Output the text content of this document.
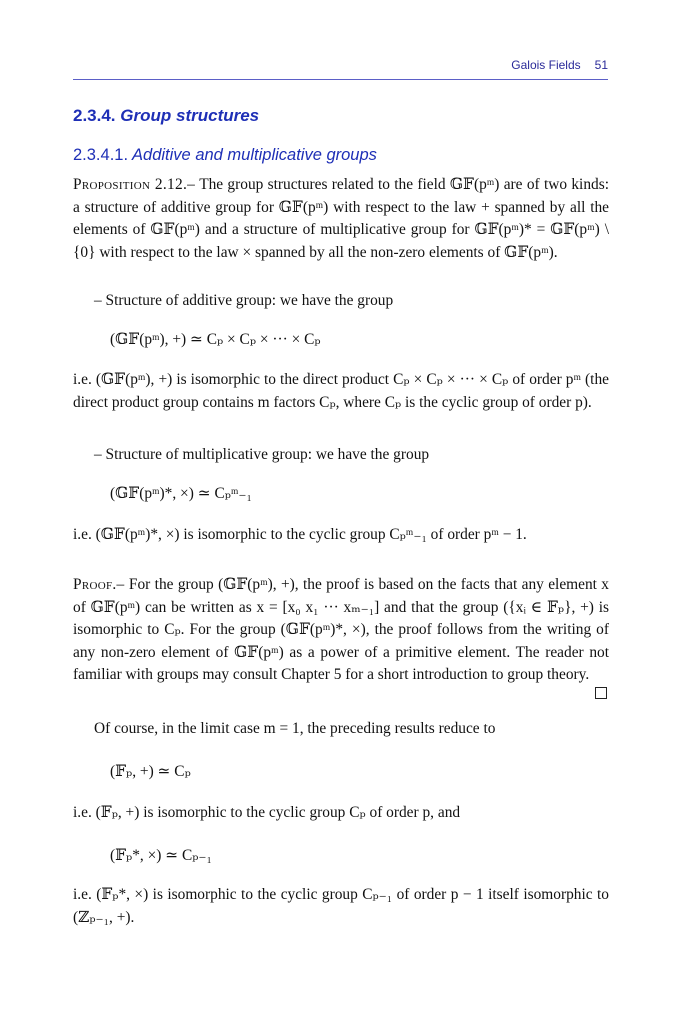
Galois Fields 51
2.3.4. Group structures
2.3.4.1. Additive and multiplicative groups
Proposition 2.12.– The group structures related to the field 𝔾𝔽(pᵐ) are of two kinds: a structure of additive group for 𝔾𝔽(pᵐ) with respect to the law + spanned by all the elements of 𝔾𝔽(pᵐ) and a structure of multiplicative group for 𝔾𝔽(pᵐ)* = 𝔾𝔽(pᵐ) \ {0} with respect to the law × spanned by all the non-zero elements of 𝔾𝔽(pᵐ).
– Structure of additive group: we have the group
(𝔾𝔽(pᵐ), +) ≃ Cₚ × Cₚ × ··· × Cₚ
i.e. (𝔾𝔽(pᵐ), +) is isomorphic to the direct product Cₚ × Cₚ × ··· × Cₚ of order pᵐ (the direct product group contains m factors Cₚ, where Cₚ is the cyclic group of order p).
– Structure of multiplicative group: we have the group
(𝔾𝔽(pᵐ)*, ×) ≃ Cₚᵐ₋₁
i.e. (𝔾𝔽(pᵐ)*, ×) is isomorphic to the cyclic group Cₚᵐ₋₁ of order pᵐ − 1.
Proof.– For the group (𝔾𝔽(pᵐ), +), the proof is based on the facts that any element x of 𝔾𝔽(pᵐ) can be written as x = [x₀ x₁ ··· xₘ₋₁] and that the group ({xᵢ ∈ 𝔽ₚ}, +) is isomorphic to Cₚ. For the group (𝔾𝔽(pᵐ)*, ×), the proof follows from the writing of any non-zero element of 𝔾𝔽(pᵐ) as a power of a primitive element. The reader not familiar with groups may consult Chapter 5 for a short introduction to group theory.
Of course, in the limit case m = 1, the preceding results reduce to
(𝔽ₚ, +) ≃ Cₚ
i.e. (𝔽ₚ, +) is isomorphic to the cyclic group Cₚ of order p, and
(𝔽ₚ*, ×) ≃ Cₚ₋₁
i.e. (𝔽ₚ*, ×) is isomorphic to the cyclic group Cₚ₋₁ of order p − 1 itself isomorphic to (ℤₚ₋₁, +).
